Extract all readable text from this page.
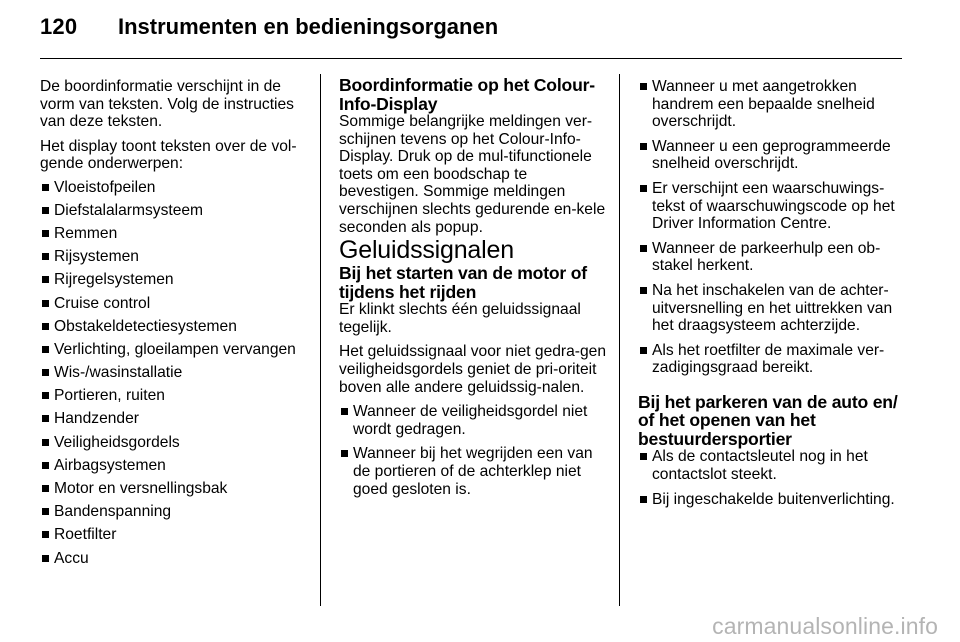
120 Instrumenten en bedieningsorganen

De boordinformatie verschijnt in de vorm van teksten. Volg de instructies van deze teksten.

Het display toont teksten over de vol-gende onderwerpen:

Vloeistofpeilen
Diefstalalarmsysteem
Remmen
Rijsystemen
Rijregelsystemen
Cruise control
Obstakeldetectiesystemen
Verlichting, gloeilampen vervangen
Wis-/wasinstallatie
Portieren, ruiten
Handzender
Veiligheidsgordels
Airbagsystemen
Motor en versnellingsbak
Bandenspanning
Roetfilter
Accu

Boordinformatie op het Colour-Info-Display

Sommige belangrijke meldingen ver-schijnen tevens op het Colour-Info-Display. Druk op de mul-tifunctionele toets om een boodschap te bevestigen. Sommige meldingen verschijnen slechts gedurende en-kele seconden als popup.

Geluidssignalen

Bij het starten van de motor of tijdens het rijden

Er klinkt slechts één geluidssignaal tegelijk.

Het geluidssignaal voor niet gedra-gen veiligheidsgordels geniet de pri-oriteit boven alle andere geluidssig-nalen.

Wanneer de veiligheidsgordel niet wordt gedragen.
Wanneer bij het wegrijden een van de portieren of de achterklep niet goed gesloten is.
Wanneer u met aangetrokken handrem een bepaalde snelheid overschrijdt.
Wanneer u een geprogrammeerde snelheid overschrijdt.
Er verschijnt een waarschuwings-tekst of waarschuwingscode op het Driver Information Centre.
Wanneer de parkeerhulp een ob-stakel herkent.
Na het inschakelen van de achter-uitversnelling en het uittrekken van het draagsysteem achterzijde.
Als het roetfilter de maximale ver-zadigingsgraad bereikt.

Bij het parkeren van de auto en/ of het openen van het bestuurdersportier

Als de contactsleutel nog in het contactslot steekt.
Bij ingeschakelde buitenverlichting.
carmanualsonline.info
